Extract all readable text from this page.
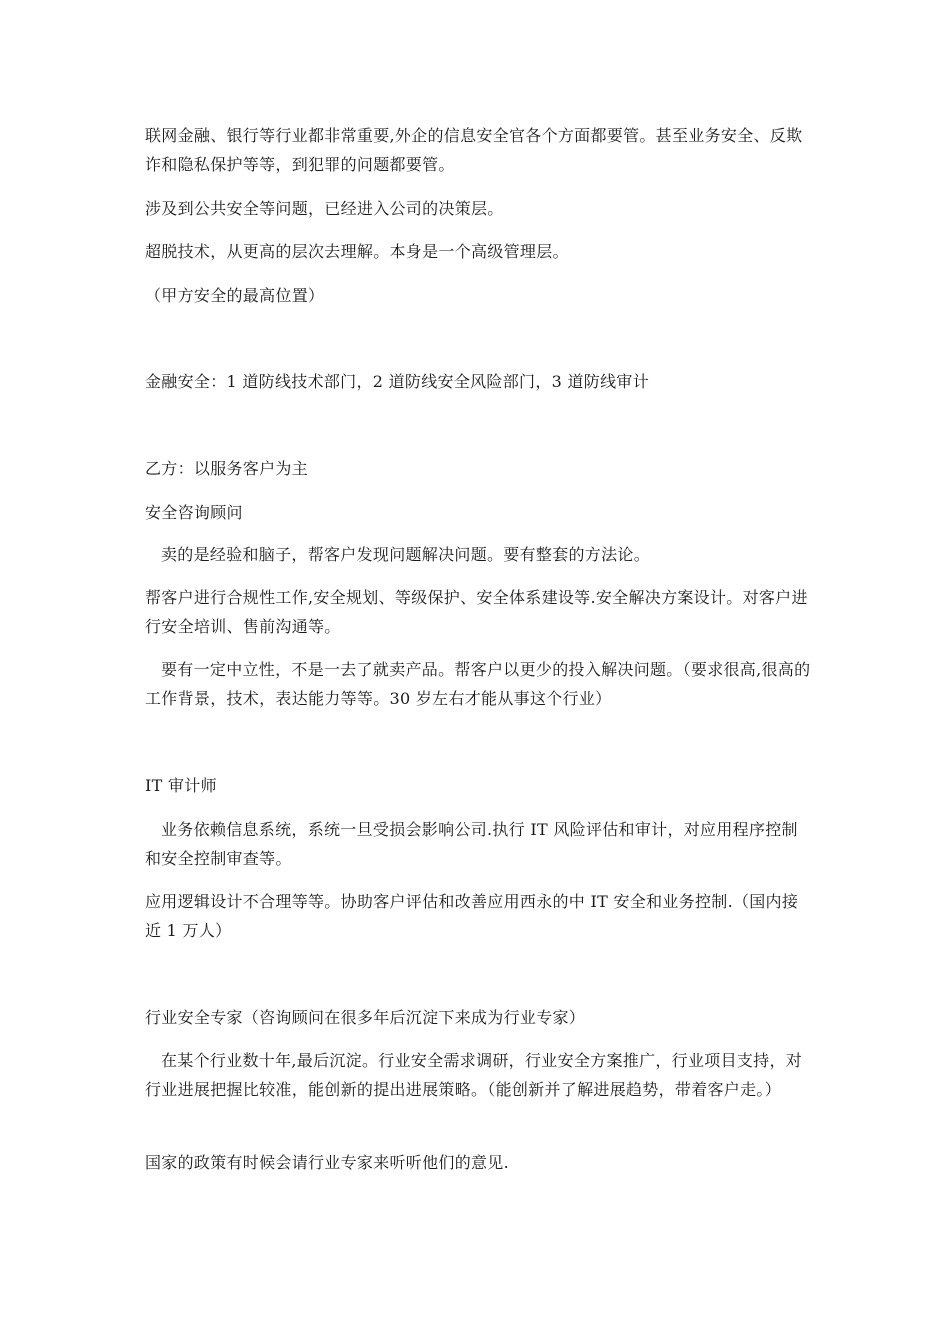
联网金融、银行等行业都非常重要,外企的信息安全官各个方面都要管。甚至业务安全、反欺诈和隐私保护等等，到犯罪的问题都要管。

涉及到公共安全等问题，已经进入公司的决策层。

超脱技术，从更高的层次去理解。本身是一个高级管理层。

（甲方安全的最高位置）

金融安全：1 道防线技术部门，2 道防线安全风险部门，3 道防线审计

乙方：以服务客户为主

安全咨询顾问

卖的是经验和脑子，帮客户发现问题解决问题。要有整套的方法论。

帮客户进行合规性工作,安全规划、等级保护、安全体系建设等.安全解决方案设计。对客户进行安全培训、售前沟通等。

要有一定中立性，不是一去了就卖产品。帮客户以更少的投入解决问题。（要求很高,很高的工作背景，技术，表达能力等等。30 岁左右才能从事这个行业）

IT 审计师

业务依赖信息系统，系统一旦受损会影响公司.执行 IT 风险评估和审计，对应用程序控制和安全控制审查等。

应用逻辑设计不合理等等。协助客户评估和改善应用西永的中 IT 安全和业务控制.（国内接近 1 万人）

行业安全专家（咨询顾问在很多年后沉淀下来成为行业专家）

在某个行业数十年,最后沉淀。行业安全需求调研，行业安全方案推广，行业项目支持，对行业进展把握比较准，能创新的提出进展策略。（能创新并了解进展趋势，带着客户走。）

国家的政策有时候会请行业专家来听听他们的意见.
